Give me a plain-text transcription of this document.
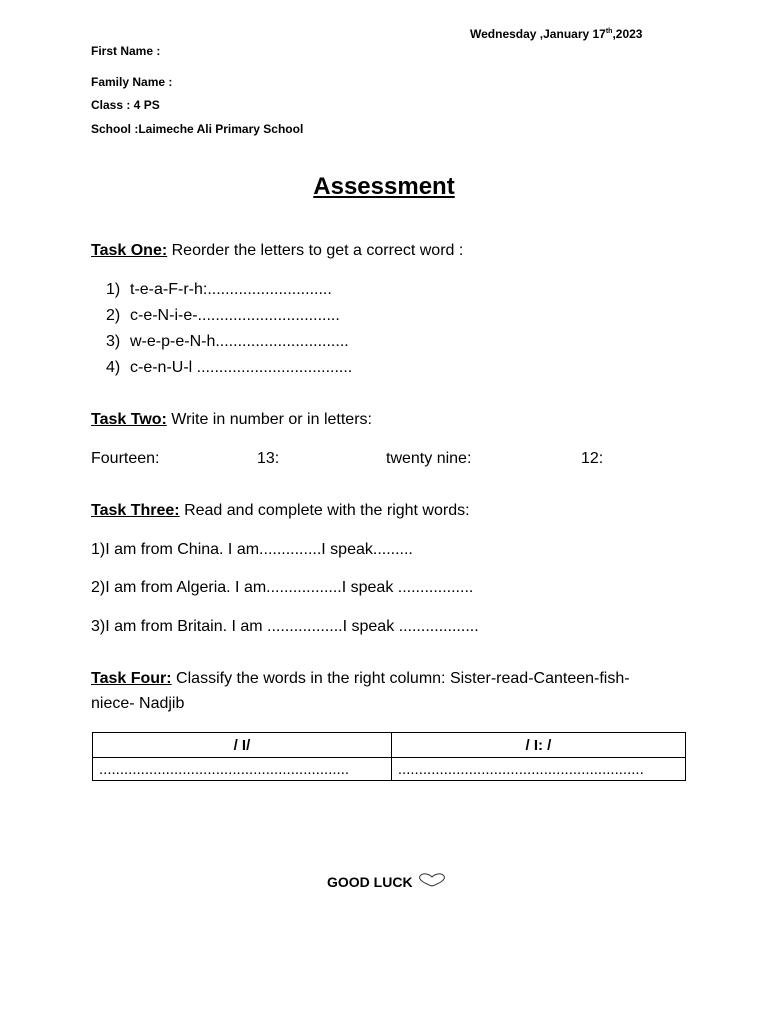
Wednesday ,January 17th,2023
First Name :
Family Name :
Class : 4 PS
School :Laimeche Ali Primary School
Assessment
Task One: Reorder the letters to get a correct word :
1) t-e-a-F-r-h:............................
2) c-e-N-i-e-................................
3) w-e-p-e-N-h..............................
4) c-e-n-U-l ...................................
Task Two: Write in number or in letters:
Fourteen:	13:	twenty nine:	12:
Task Three: Read and complete with the right words:
1)I am from China. I am..............I speak.........
2)I am from Algeria. I am.................I speak .................
3)I am from Britain. I am .................I speak ..................
Task Four: Classify the words in the right column: Sister-read-Canteen-fish-
niece- Nadjib
/ I/	/ I: /
............................................................	...........................................................
GOOD LUCK
